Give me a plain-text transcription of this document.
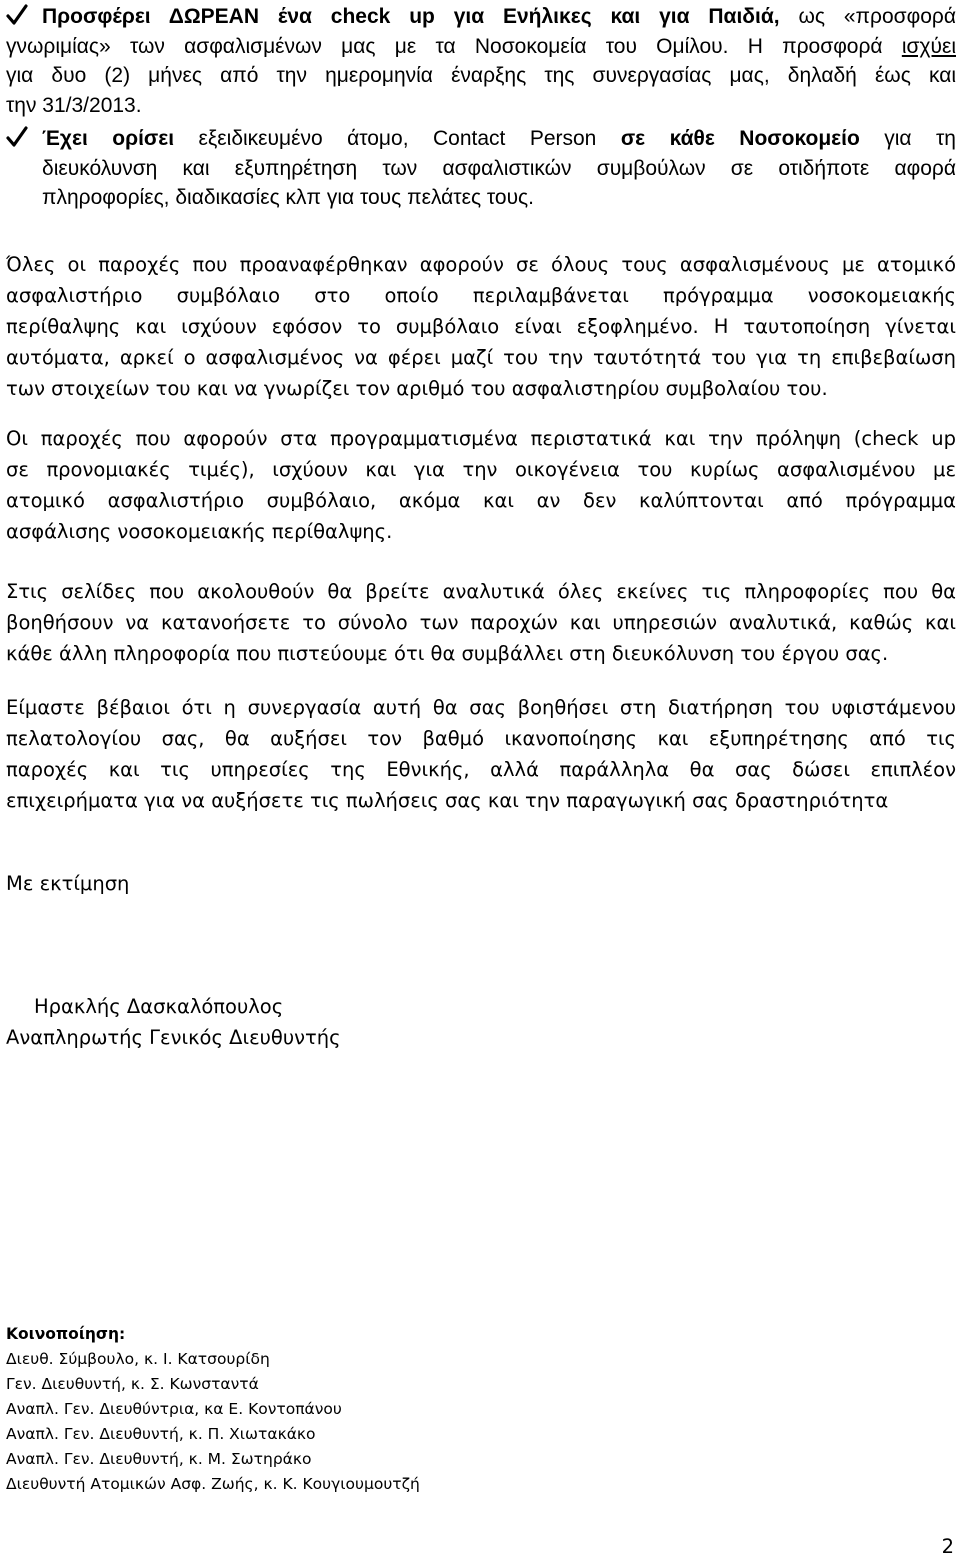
Προσφέρει ΔΩΡΕΑΝ ένα check up για Ενήλικες και για Παιδιά, ως «προσφορά
γνωριμίας» των ασφαλισμένων μας με τα Νοσοκομεία του Ομίλου. Η προσφορά ισχύει
για δυο (2) μήνες από την ημερομηνία έναρξης της συνεργασίας μας, δηλαδή έως και
την 31/3/2013.
Έχει ορίσει εξειδικευμένο άτομο, Contact Person σε κάθε Νοσοκομείο για τη
διευκόλυνση και εξυπηρέτηση των ασφαλιστικών συμβούλων σε οτιδήποτε αφορά
πληροφορίες, διαδικασίες κλπ για τους πελάτες τους.
Όλες οι παροχές που προαναφέρθηκαν αφορούν σε όλους τους ασφαλισμένους με ατομικό
ασφαλιστήριο συμβόλαιο στο οποίο περιλαμβάνεται πρόγραμμα νοσοκομειακής
περίθαλψης και ισχύουν εφόσον το συμβόλαιο είναι εξοφλημένο. Η ταυτοποίηση γίνεται
αυτόματα, αρκεί ο ασφαλισμένος να φέρει μαζί του την ταυτότητά του για τη επιβεβαίωση
των στοιχείων του και να γνωρίζει τον αριθμό του ασφαλιστηρίου συμβολαίου του.
Οι παροχές που αφορούν στα προγραμματισμένα περιστατικά και την πρόληψη (check up
σε προνομιακές τιμές), ισχύουν και για την οικογένεια του κυρίως ασφαλισμένου με
ατομικό ασφαλιστήριο συμβόλαιο, ακόμα και αν δεν καλύπτονται από πρόγραμμα
ασφάλισης νοσοκομειακής περίθαλψης.
Στις σελίδες που ακολουθούν θα βρείτε αναλυτικά όλες εκείνες τις πληροφορίες που θα
βοηθήσουν να κατανοήσετε το σύνολο των παροχών και υπηρεσιών αναλυτικά, καθώς και
κάθε άλλη πληροφορία που πιστεύουμε ότι θα συμβάλλει στη διευκόλυνση του έργου σας.
Είμαστε βέβαιοι ότι η συνεργασία αυτή θα σας βοηθήσει στη διατήρηση του υφιστάμενου
πελατολογίου σας, θα αυξήσει τον βαθμό ικανοποίησης και εξυπηρέτησης από τις
παροχές και τις υπηρεσίες της Εθνικής, αλλά παράλληλα θα σας δώσει επιπλέον
επιχειρήματα για να αυξήσετε τις πωλήσεις σας και την παραγωγική σας δραστηριότητα
Με εκτίμηση
Ηρακλής Δασκαλόπουλος
Αναπληρωτής Γενικός Διευθυντής
Κοινοποίηση:
Διευθ. Σύμβουλο, κ. Ι. Κατσουρίδη
Γεν. Διευθυντή, κ. Σ. Κωνσταντά
Αναπλ. Γεν. Διευθύντρια, κα Ε. Κοντοπάνου
Αναπλ. Γεν. Διευθυντή, κ. Π. Χιωτακάκο
Αναπλ. Γεν. Διευθυντή, κ. Μ. Σωτηράκο
Διευθυντή Ατομικών Ασφ. Ζωής, κ. Κ. Κουγιουμουτζή
2
